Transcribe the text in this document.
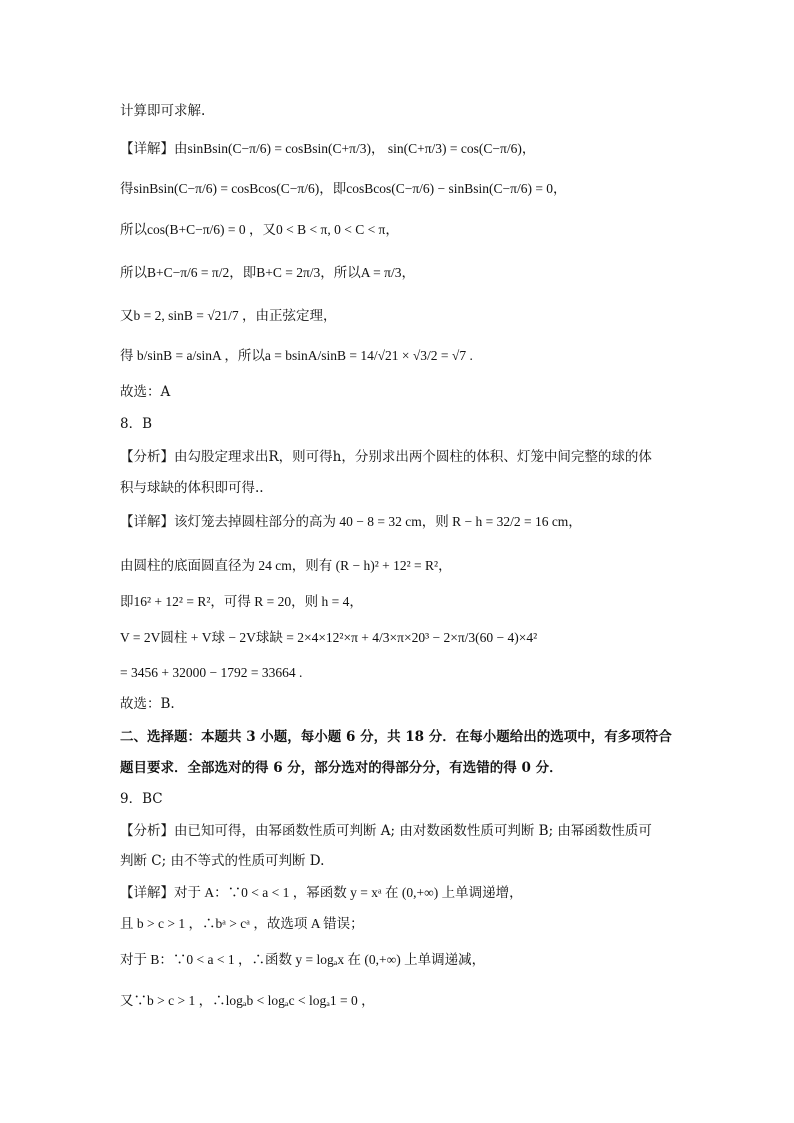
计算即可求解.
【详解】由sinBsin(C−π/6) = cosBsin(C+π/3)， sin(C+π/3) = cos(C−π/6)，
得sinBsin(C−π/6) = cosBcos(C−π/6)，即cosBcos(C−π/6) − sinBsin(C−π/6) = 0，
所以cos(B+C−π/6) = 0 ，又0 < B < π, 0 < C < π，
所以B+C−π/6 = π/2，即B+C = 2π/3，所以A = π/3，
又b = 2, sinB = √21/7 ，由正弦定理，
得 b/sinB = a/sinA ，所以a = bsinA/sinB = 14/√21 × √3/2 = √7 .
故选：A
8．B
【分析】由勾股定理求出R，则可得h，分别求出两个圆柱的体积、灯笼中间完整的球的体
积与球缺的体积即可得..
【详解】该灯笼去掉圆柱部分的高为 40 − 8 = 32 cm，则 R − h = 32/2 = 16 cm，
由圆柱的底面圆直径为 24 cm，则有 (R − h)² + 12² = R²，
即16² + 12² = R²，可得 R = 20，则 h = 4，
V = 2V圆柱 + V球 − 2V球缺 = 2×4×12²×π + 4/3×π×20³ − 2×π/3(60 − 4)×4²
= 3456 + 32000 − 1792 = 33664 .
故选：B.
二、选择题：本题共 3 小题，每小题 6 分，共 18 分．在每小题给出的选项中，有多项符合
题目要求．全部选对的得 6 分，部分选对的得部分分，有选错的得 0 分．
9．BC
【分析】由已知可得，由幂函数性质可判断 A; 由对数函数性质可判断 B; 由幂函数性质可
判断 C; 由不等式的性质可判断 D.
【详解】对于 A：∵0 < a < 1 ，幂函数 y = xᵃ 在 (0,+∞) 上单调递增，
且 b > c > 1 ，∴bᵃ > cᵃ ，故选项 A 错误；
对于 B：∵0 < a < 1 ，∴函数 y = logₐx 在 (0,+∞) 上单调递减，
又∵b > c > 1 ，∴logₐb < logₐc < logₐ1 = 0 ，
